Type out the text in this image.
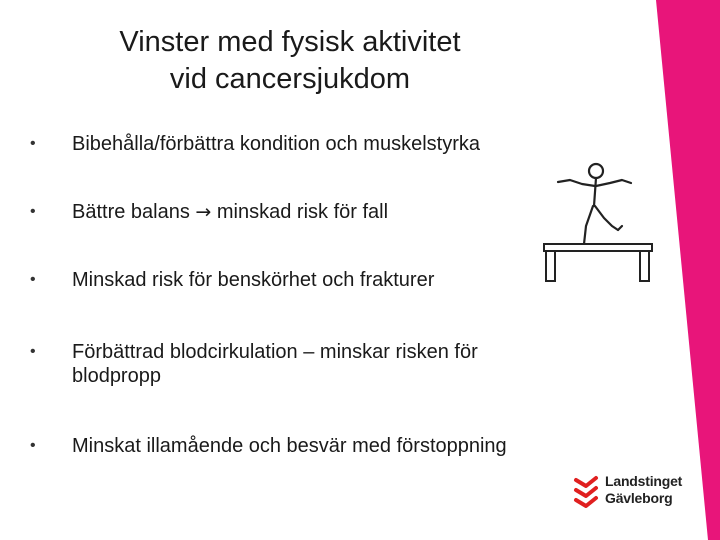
Vinster med fysisk aktivitet
vid cancersjukdom
•	Bibehålla/förbättra kondition och muskelstyrka
•	Bättre balans → minskad risk för fall
•	Minskad risk för benskörhet och frakturer
•	Förbättrad blodcirkulation – minskar risken för blodpropp
•	Minskat illamående och besvär med förstoppning
Landstinget
Gävleborg
